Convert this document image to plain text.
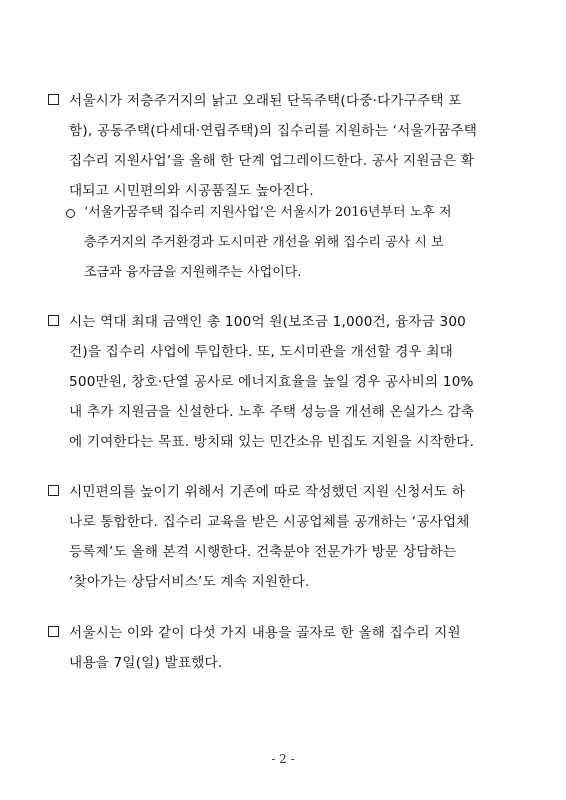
서울시가 저층주거지의 낡고 오래된 단독주택(다중·다가구주택 포
함), 공동주택(다세대·연립주택)의 집수리를 지원하는 ‘서울가꿈주택
집수리 지원사업’을 올해 한 단계 업그레이드한다. 공사 지원금은 확
대되고 시민편의와 시공품질도 높아진다.
‘서울가꿈주택 집수리 지원사업’은 서울시가 2016년부터 노후 저
층주거지의 주거환경과 도시미관 개선을 위해 집수리 공사 시 보
조금과 융자금을 지원해주는 사업이다.
시는 역대 최대 금액인 총 100억 원(보조금 1,000건, 융자금 300
건)을 집수리 사업에 투입한다. 또, 도시미관을 개선할 경우 최대
500만원, 창호·단열 공사로 에너지효율을 높일 경우 공사비의 10%
내 추가 지원금을 신설한다. 노후 주택 성능을 개선해 온실가스 감축
에 기여한다는 목표. 방치돼 있는 민간소유 빈집도 지원을 시작한다.
시민편의를 높이기 위해서 기존에 따로 작성했던 지원 신청서도 하
나로 통합한다. 집수리 교육을 받은 시공업체를 공개하는 ‘공사업체
등록제’도 올해 본격 시행한다. 건축분야 전문가가 방문 상담하는
‘찾아가는 상담서비스’도 계속 지원한다.
서울시는 이와 같이 다섯 가지 내용을 골자로 한 올해 집수리 지원
내용을 7일(일) 발표했다.
- 2 -
